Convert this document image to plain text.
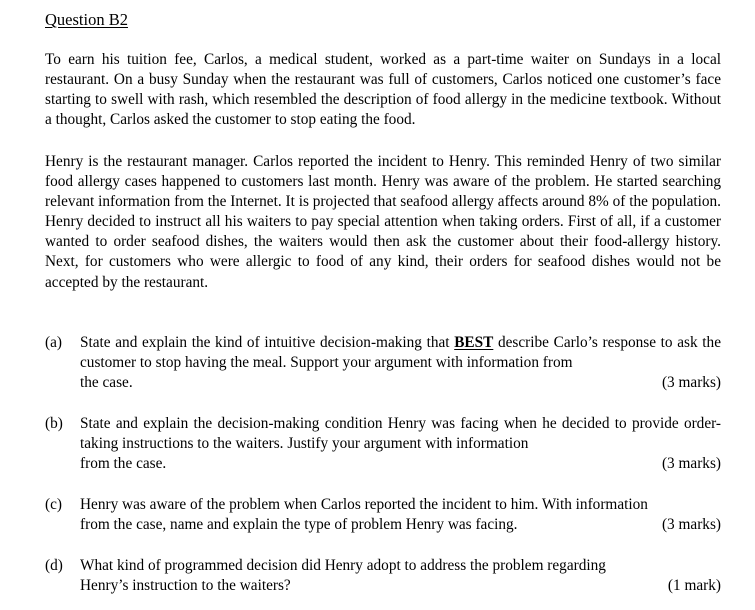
Question B2

To earn his tuition fee, Carlos, a medical student, worked as a part-time waiter on Sundays in a local restaurant. On a busy Sunday when the restaurant was full of customers, Carlos noticed one customer’s face starting to swell with rash, which resembled the description of food allergy in the medicine textbook. Without a thought, Carlos asked the customer to stop eating the food.

Henry is the restaurant manager. Carlos reported the incident to Henry. This reminded Henry of two similar food allergy cases happened to customers last month. Henry was aware of the problem. He started searching relevant information from the Internet. It is projected that seafood allergy affects around 8% of the population. Henry decided to instruct all his waiters to pay special attention when taking orders. First of all, if a customer wanted to order seafood dishes, the waiters would then ask the customer about their food-allergy history. Next, for customers who were allergic to food of any kind, their orders for seafood dishes would not be accepted by the restaurant.

(a)	State and explain the kind of intuitive decision-making that BEST describe Carlo’s response to ask the customer to stop having the meal. Support your argument with information from
the case.	(3 marks)
(b)	State and explain the decision-making condition Henry was facing when he decided to provide order-taking instructions to the waiters. Justify your argument with information
from the case.	(3 marks)
(c)	Henry was aware of the problem when Carlos reported the incident to him. With information
from the case, name and explain the type of problem Henry was facing.	(3 marks)
(d)	What kind of programmed decision did Henry adopt to address the problem regarding
Henry’s instruction to the waiters?	(1 mark)
